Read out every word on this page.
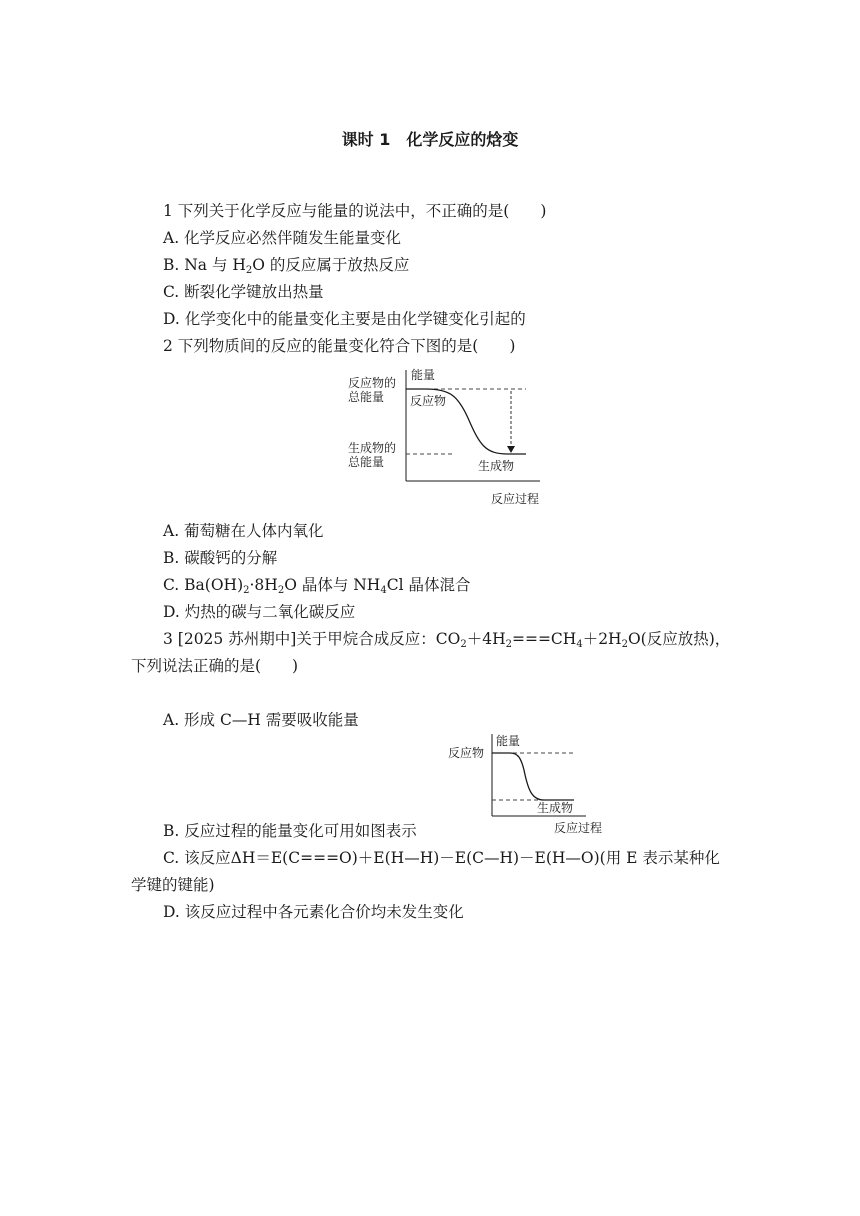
课时 1　化学反应的焓变
1 下列关于化学反应与能量的说法中，不正确的是(　　)
A. 化学反应必然伴随发生能量变化
B. Na 与 $H_2O$ 的反应属于放热反应
C. 断裂化学键放出热量
D. 化学变化中的能量变化主要是由化学键变化引起的
2 下列物质间的反应的能量变化符合下图的是(　　)
能量
反应过程
反应物的
总能量
生成物的
总能量
反应物
生成物
A. 葡萄糖在人体内氧化
B. 碳酸钙的分解
C. $Ba(OH)_2\cdot 8H_2O$ 晶体与 $NH_4Cl$ 晶体混合
D. 灼热的碳与二氧化碳反应
3 [2025 苏州期中]关于甲烷合成反应：$CO_2+4H_2===CH_4+2H_2O$(反应放热)，
下列说法正确的是(　　)
A. 形成 C—H 需要吸收能量
能量
反应物
生成物
反应过程
B. 反应过程的能量变化可用如图表示
C. 该反应ΔH＝E(C===O)＋E(H—H)－E(C—H)－E(H—O)(用 E 表示某种化
学键的键能)
D. 该反应过程中各元素化合价均未发生变化
